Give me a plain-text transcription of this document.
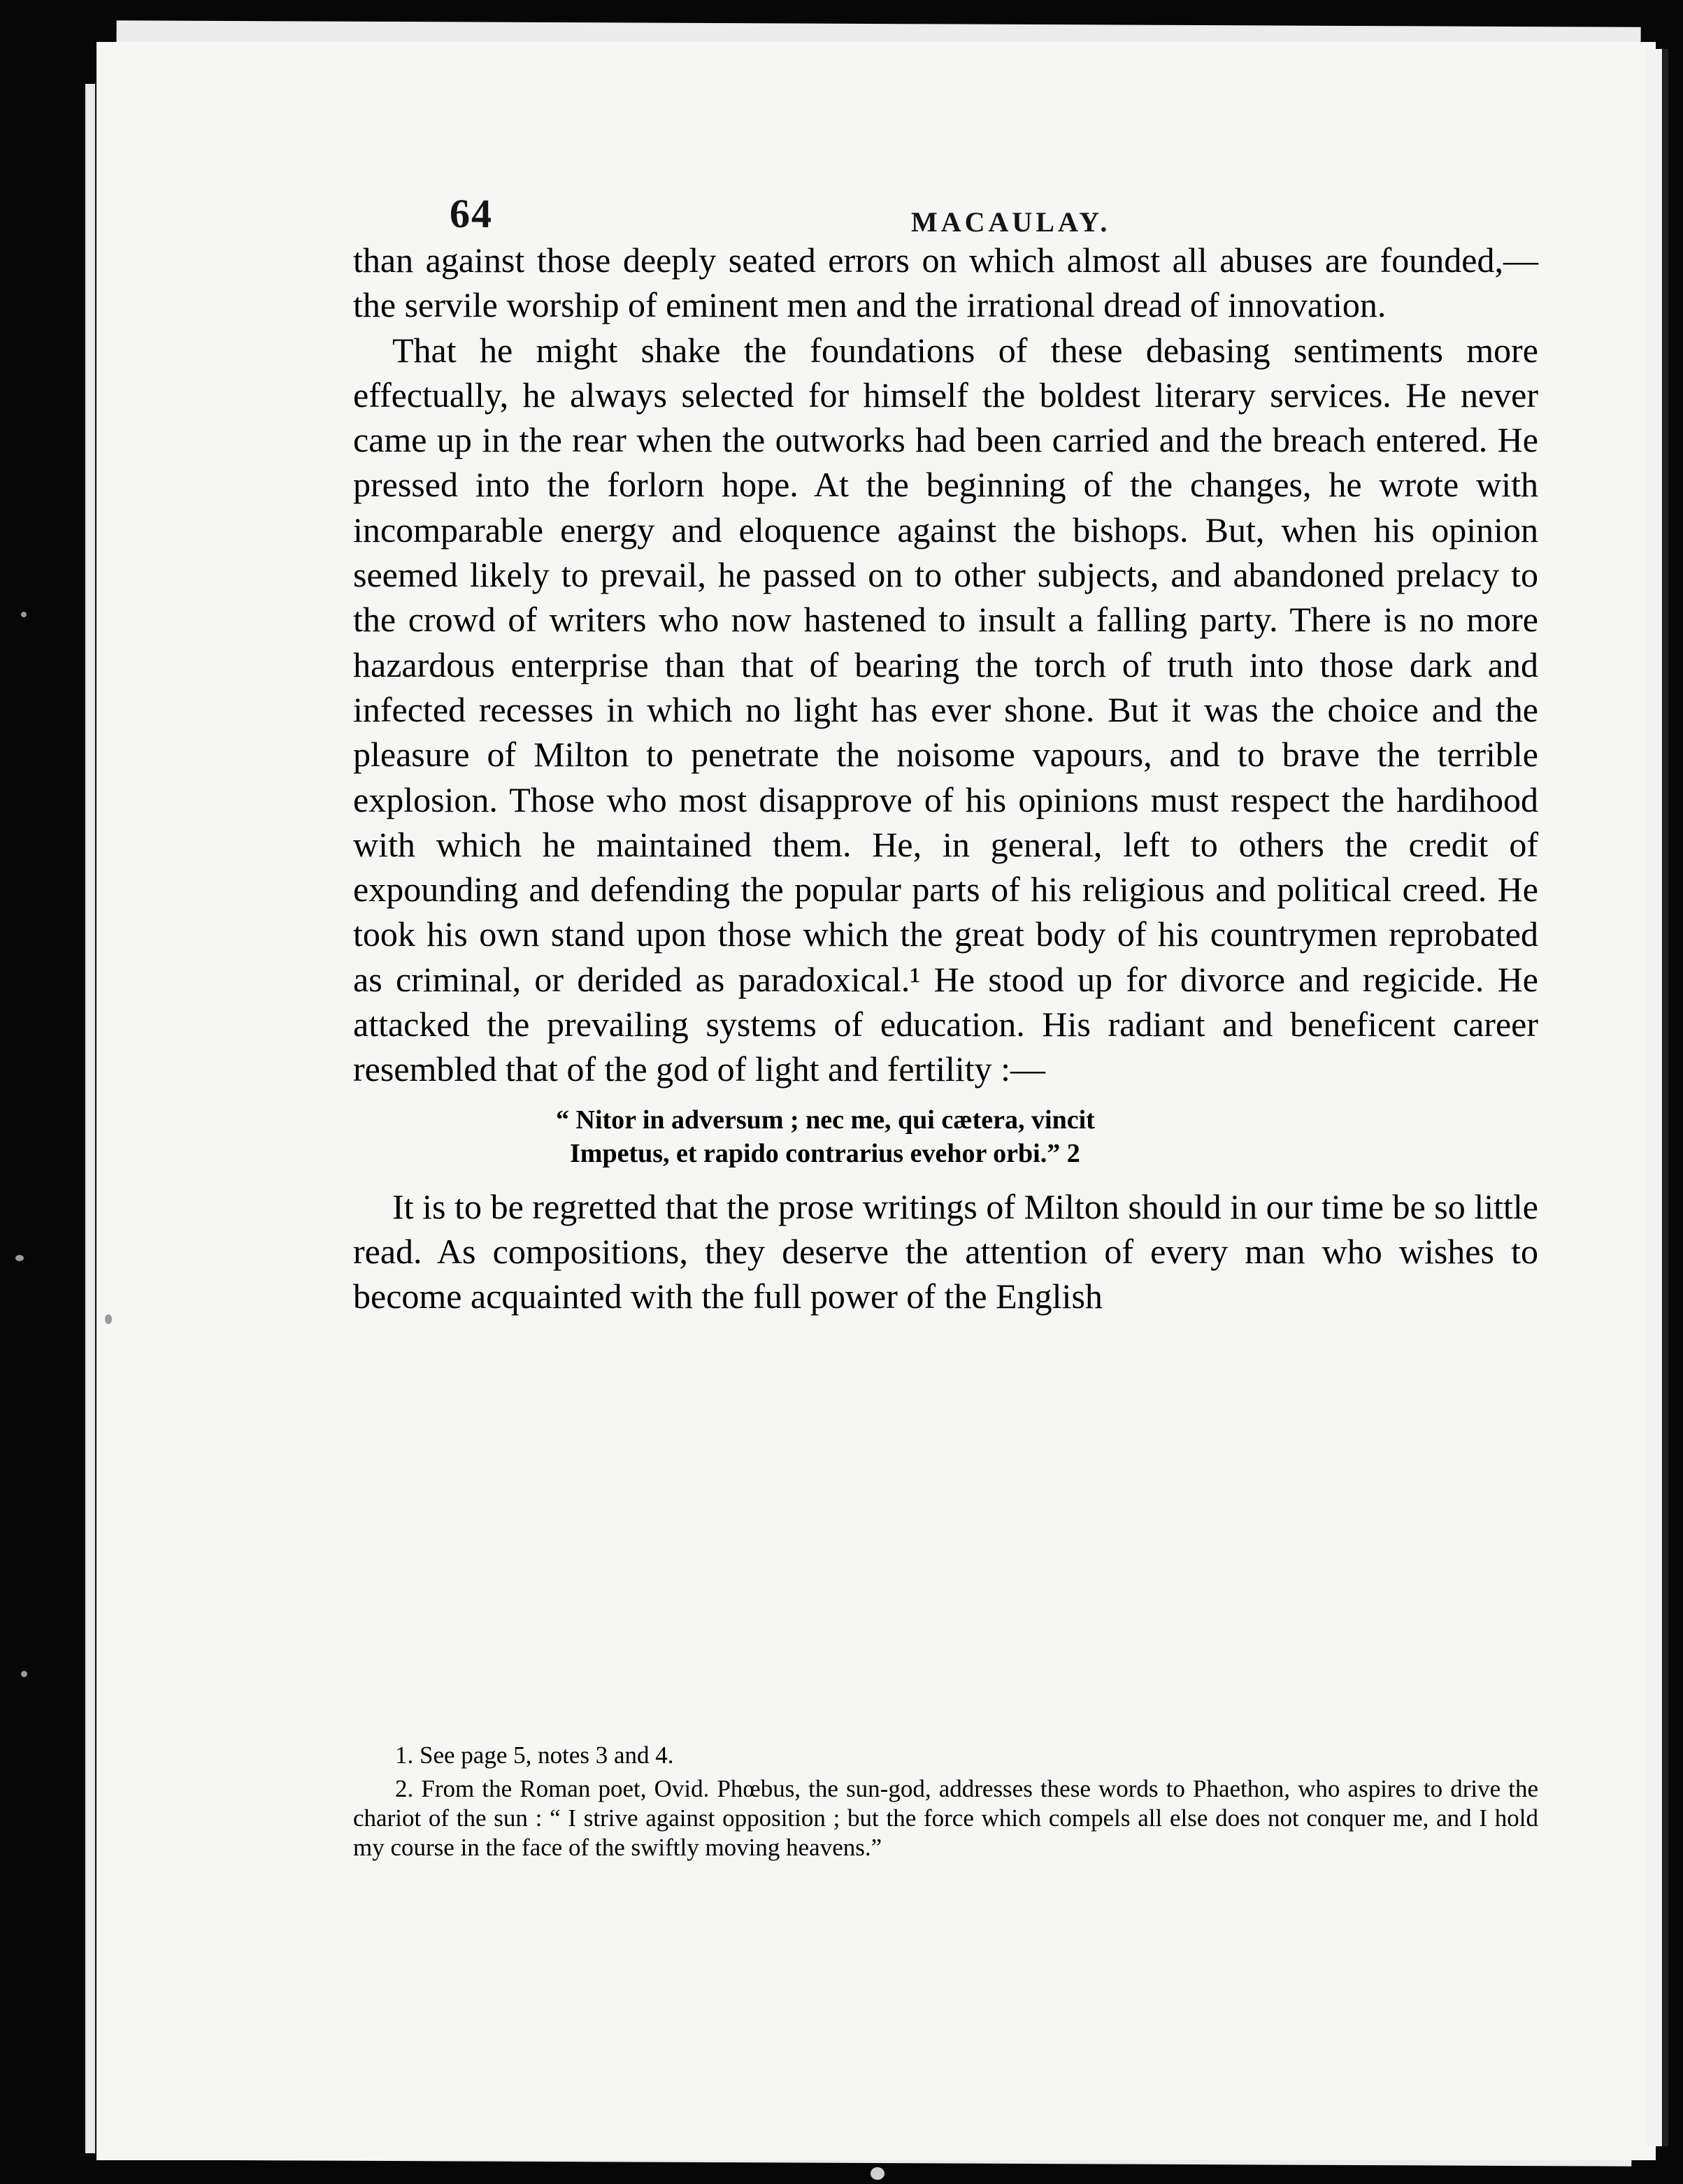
64	MACAULAY.

than against those deeply seated errors on which almost all abuses are founded,—the servile worship of eminent men and the irrational dread of innovation.

That he might shake the foundations of these debasing sentiments more effectually, he always selected for himself the boldest literary services. He never came up in the rear when the outworks had been carried and the breach entered. He pressed into the forlorn hope. At the beginning of the changes, he wrote with incomparable energy and eloquence against the bishops. But, when his opinion seemed likely to prevail, he passed on to other subjects, and abandoned prelacy to the crowd of writers who now hastened to insult a falling party. There is no more hazardous enterprise than that of bearing the torch of truth into those dark and infected recesses in which no light has ever shone. But it was the choice and the pleasure of Milton to penetrate the noisome vapours, and to brave the terrible explosion. Those who most disapprove of his opinions must respect the hardihood with which he maintained them. He, in general, left to others the credit of expounding and defending the popular parts of his religious and political creed. He took his own stand upon those which the great body of his countrymen reprobated as criminal, or derided as paradoxical.¹ He stood up for divorce and regicide. He attacked the prevailing systems of education. His radiant and beneficent career resembled that of the god of light and fertility :—

“ Nitor in adversum ; nec me, qui cætera, vincit
Impetus, et rapido contrarius evehor orbi.” 2

It is to be regretted that the prose writings of Milton should in our time be so little read. As compositions, they deserve the attention of every man who wishes to become acquainted with the full power of the English

1. See page 5, notes 3 and 4.

2. From the Roman poet, Ovid. Phœbus, the sun-god, addresses these words to Phaethon, who aspires to drive the chariot of the sun : “ I strive against opposition ; but the force which compels all else does not conquer me, and I hold my course in the face of the swiftly moving heavens.”
